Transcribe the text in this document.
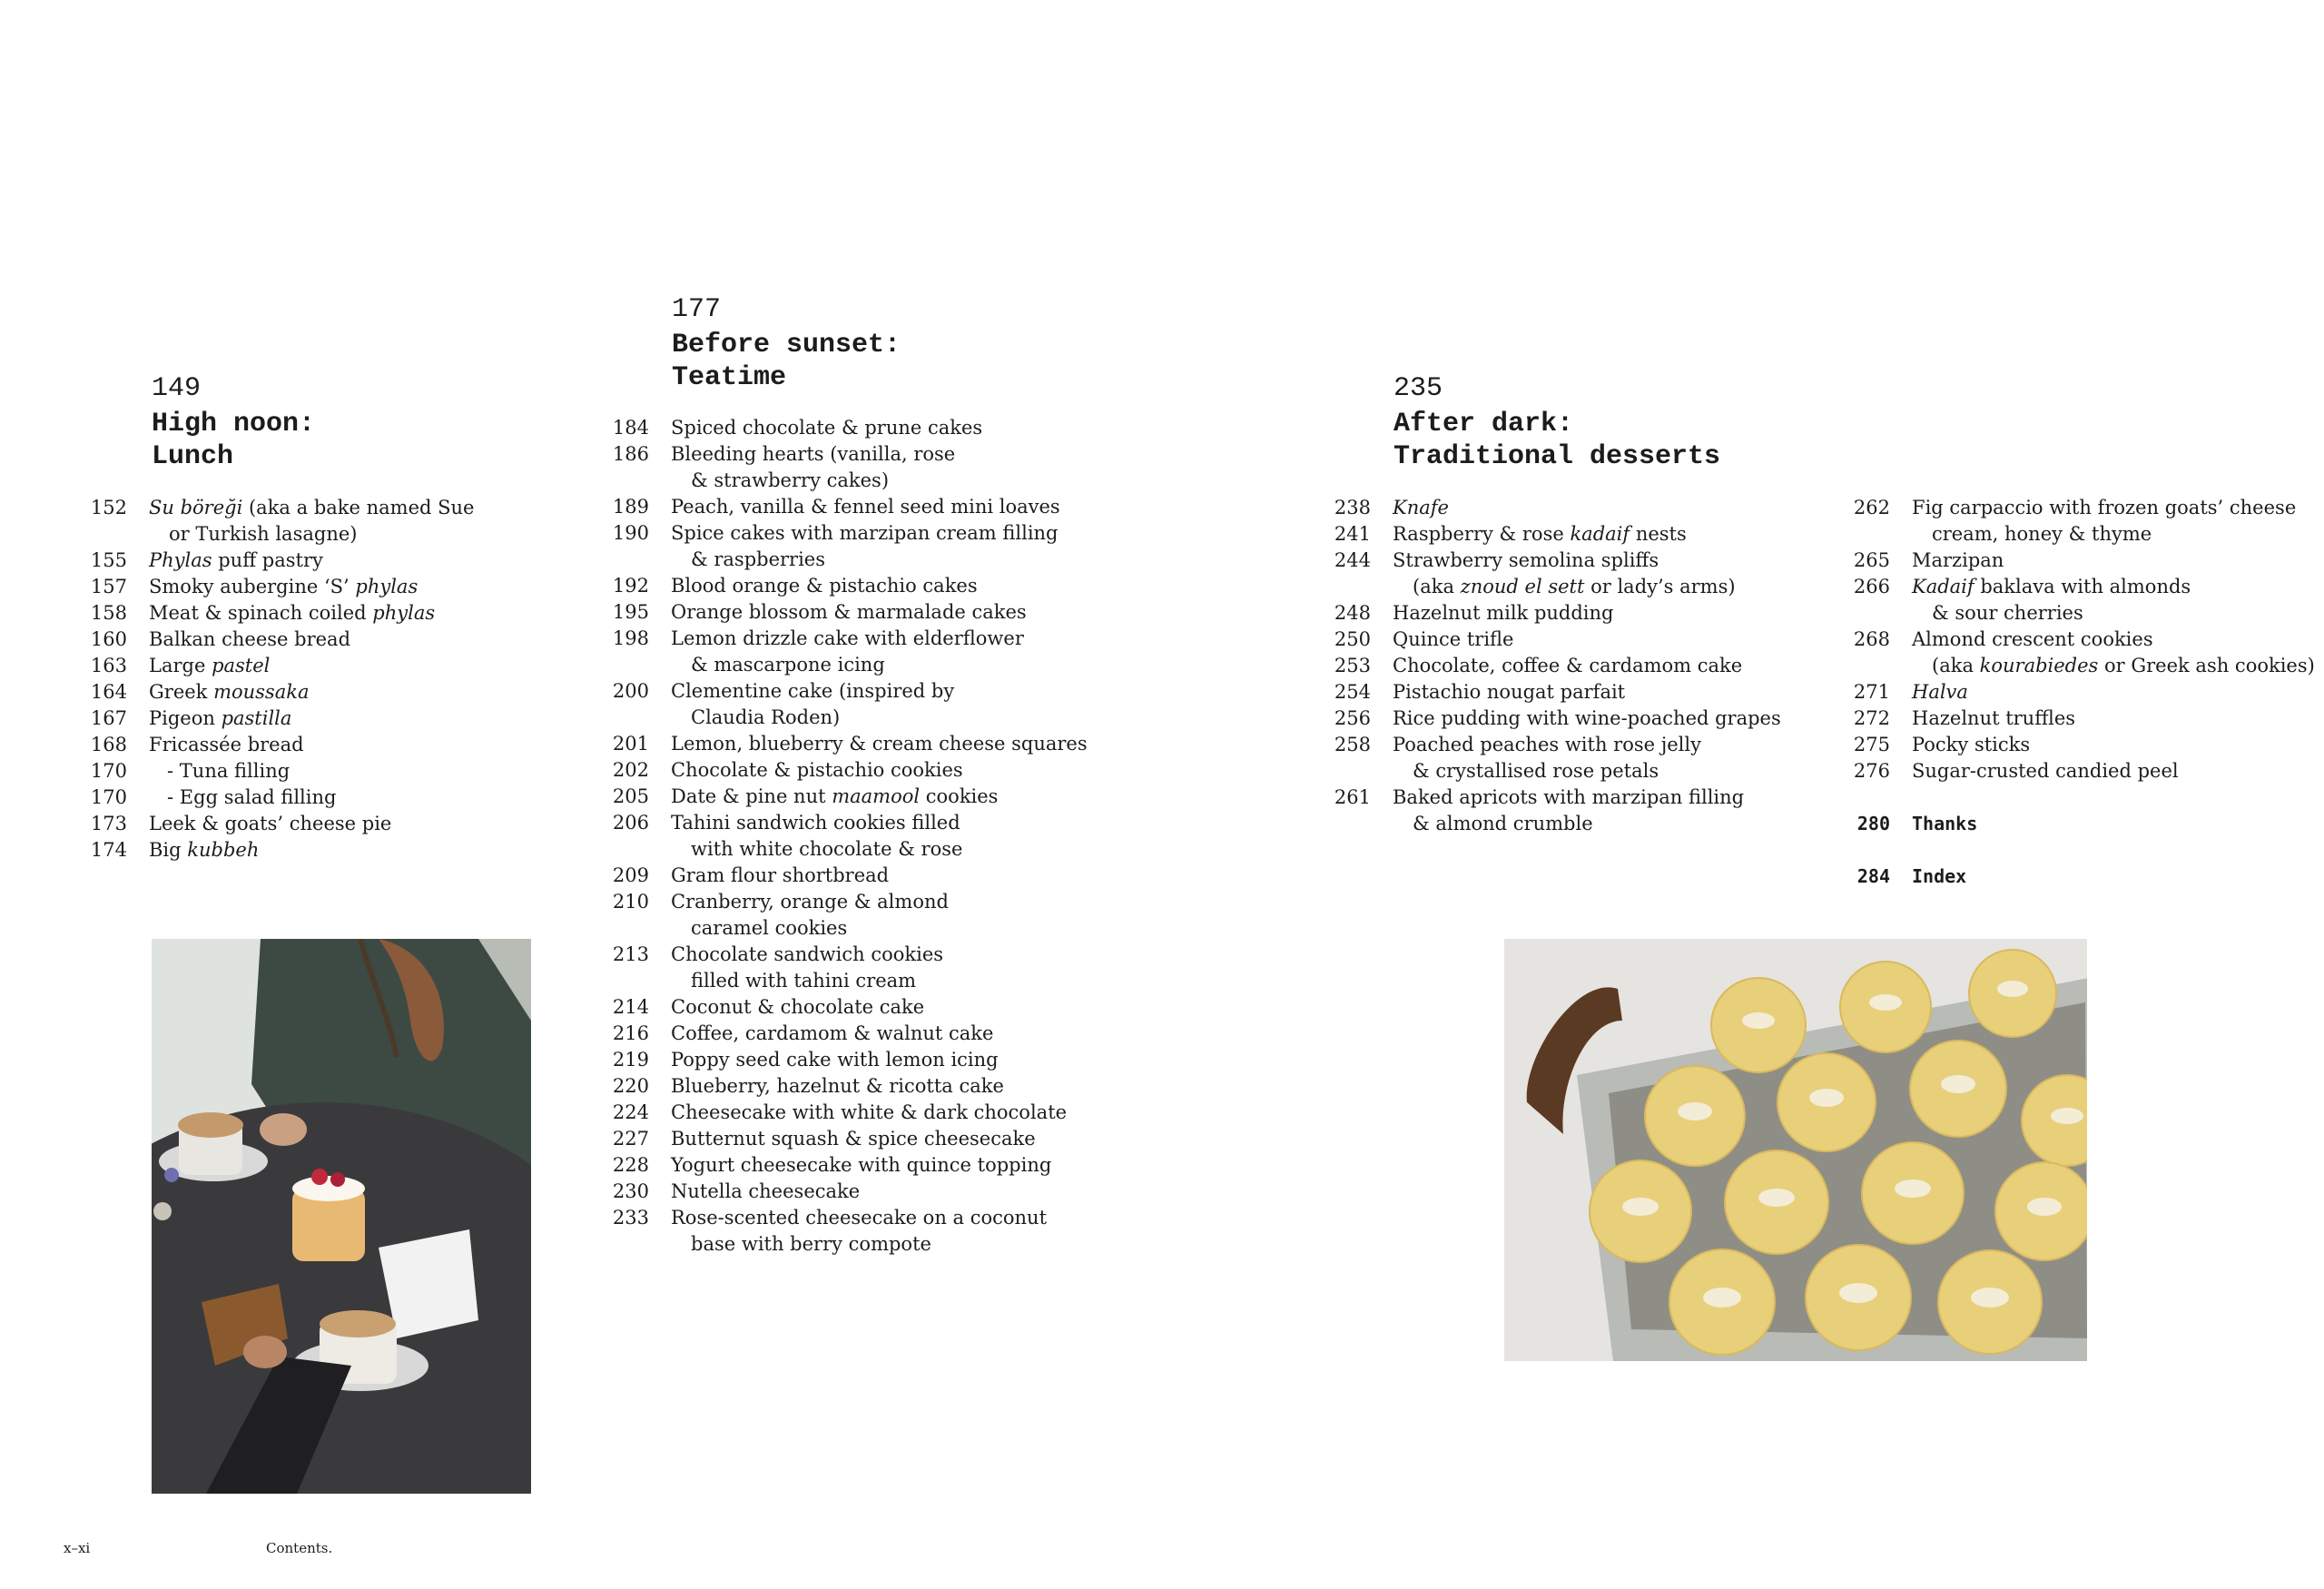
149

High noon:
Lunch

177

Before sunset:
Teatime	235

After dark:
Traditional desserts

152 Su böreği (aka a bake named Sue
or Turkish lasagne)
155 Phylas puff pastry
157 Smoky aubergine ‘S’ phylas
158 Meat & spinach coiled phylas
160 Balkan cheese bread
163 Large pastel
164 Greek moussaka
167 Pigeon pastilla
168 Fricassée bread
170 - Tuna filling
170 - Egg salad filling
173 Leek & goats’ cheese pie
174 Big kubbeh
184 Spiced chocolate & prune cakes
186 Bleeding hearts (vanilla, rose
& strawberry cakes)
189 Peach, vanilla & fennel seed mini loaves
190 Spice cakes with marzipan cream filling
& raspberries
192 Blood orange & pistachio cakes
195 Orange blossom & marmalade cakes
198 Lemon drizzle cake with elderflower
& mascarpone icing
200 Clementine cake (inspired by
Claudia Roden)
201 Lemon, blueberry & cream cheese squares
202 Chocolate & pistachio cookies
205 Date & pine nut maamool cookies
206 Tahini sandwich cookies filled
with white chocolate & rose
209 Gram flour shortbread
210 Cranberry, orange & almond
caramel cookies
213 Chocolate sandwich cookies
filled with tahini cream
214 Coconut & chocolate cake
216 Coffee, cardamom & walnut cake
219 Poppy seed cake with lemon icing
220 Blueberry, hazelnut & ricotta cake
224 Cheesecake with white & dark chocolate
227 Butternut squash & spice cheesecake
228 Yogurt cheesecake with quince topping
230 Nutella cheesecake
233 Rose-scented cheesecake on a coconut
base with berry compote
238 Knafe
241 Raspberry & rose kadaif nests
244 Strawberry semolina spliffs
(aka znoud el sett or lady’s arms)
248 Hazelnut milk pudding
250 Quince trifle
253 Chocolate, coffee & cardamom cake
254 Pistachio nougat parfait
256 Rice pudding with wine-poached grapes
258 Poached peaches with rose jelly
& crystallised rose petals
261 Baked apricots with marzipan filling
& almond crumble
262 Fig carpaccio with frozen goats’ cheese
cream, honey & thyme
265 Marzipan
266 Kadaif baklava with almonds
& sour cherries
268 Almond crescent cookies
(aka kourabiedes or Greek ash cookies)
271 Halva
272 Hazelnut truffles
275 Pocky sticks
276 Sugar-crusted candied peel
280 Thanks
284 Index
x–xi	Contents.
